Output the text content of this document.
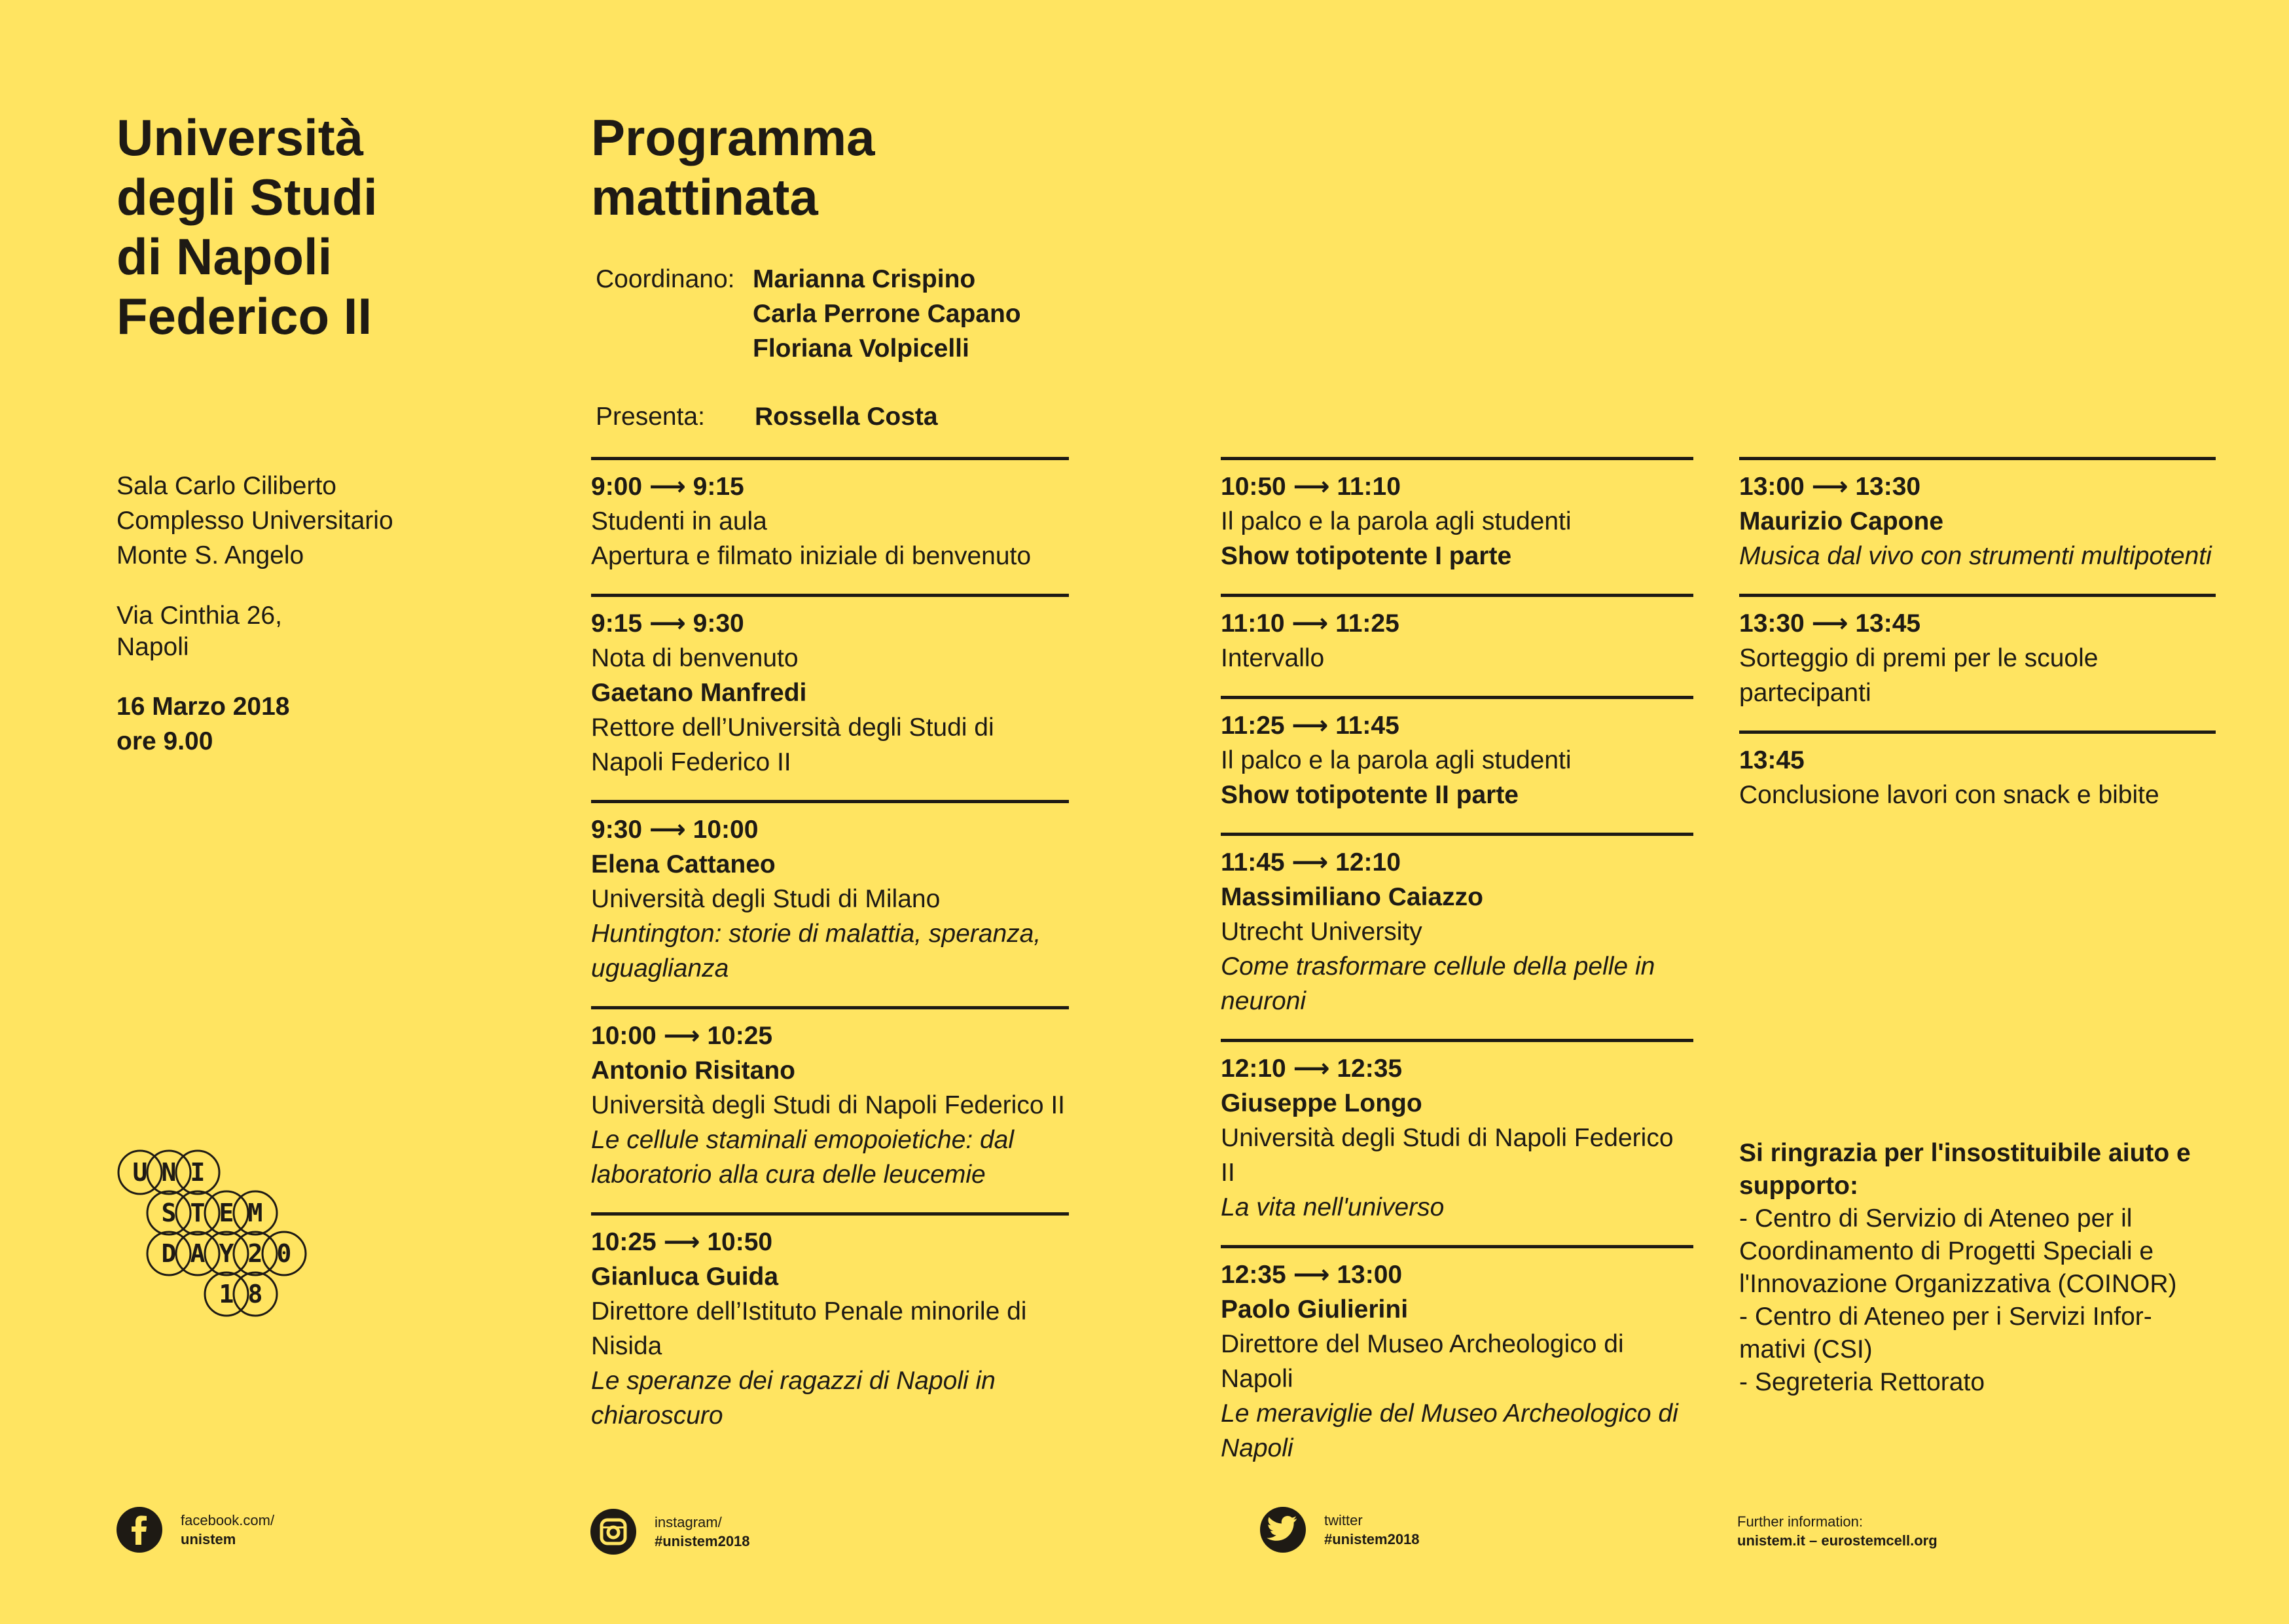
Università
degli Studi
di Napoli
Federico II
Sala Carlo Ciliberto
Complesso Universitario
Monte S. Angelo
Via Cinthia 26,
Napoli
16 Marzo 2018
ore 9.00
Programma
mattinata
Coordinano: Marianna Crispino
Carla Perrone Capano
Floriana Volpicelli
Presenta: Rossella Costa
9:00 ⟶ 9:15
Studenti in aula
Apertura e filmato iniziale di benvenuto
9:15 ⟶ 9:30
Nota di benvenuto
Gaetano Manfredi
Rettore dell’Università degli Studi di Napoli Federico II
9:30 ⟶ 10:00
Elena Cattaneo
Università degli Studi di Milano
Huntington: storie di malattia, speranza, uguaglianza
10:00 ⟶ 10:25
Antonio Risitano
Università degli Studi di Napoli Federico II
Le cellule staminali emopoietiche: dal laboratorio alla cura delle leucemie
10:25 ⟶ 10:50
Gianluca Guida
Direttore dell’Istituto Penale minorile di Nisida
Le speranze dei ragazzi di Napoli in chiaroscuro
10:50 ⟶ 11:10
Il palco e la parola agli studenti
Show totipotente I parte
11:10 ⟶ 11:25
Intervallo
11:25 ⟶ 11:45
Il palco e la parola agli studenti
Show totipotente II parte
11:45 ⟶ 12:10
Massimiliano Caiazzo
Utrecht University
Come trasformare cellule della pelle in neuroni
12:10 ⟶ 12:35
Giuseppe Longo
Università degli Studi di Napoli Federico II
La vita nell'universo
12:35 ⟶ 13:00
Paolo Giulierini
Direttore del Museo Archeologico di Napoli
Le meraviglie del Museo Archeologico di Napoli
13:00 ⟶ 13:30
Maurizio Capone
Musica dal vivo con strumenti multipotenti
13:30 ⟶ 13:45
Sorteggio di premi per le scuole partecipanti
13:45
Conclusione lavori con snack e bibite
Si ringrazia per l'insostituibile aiuto e supporto:
- Centro di Servizio di Ateneo per il Coordinamento di Progetti Speciali e l'Innovazione Organizzativa (COINOR)
- Centro di Ateneo per i Servizi Infor-mativi (CSI)
- Segreteria Rettorato
U N I
S T E M
D A Y 2 0
1 8
facebook.com/
unistem
instagram/
#unistem2018
twitter
#unistem2018
Further information:
unistem.it – eurostemcell.org
